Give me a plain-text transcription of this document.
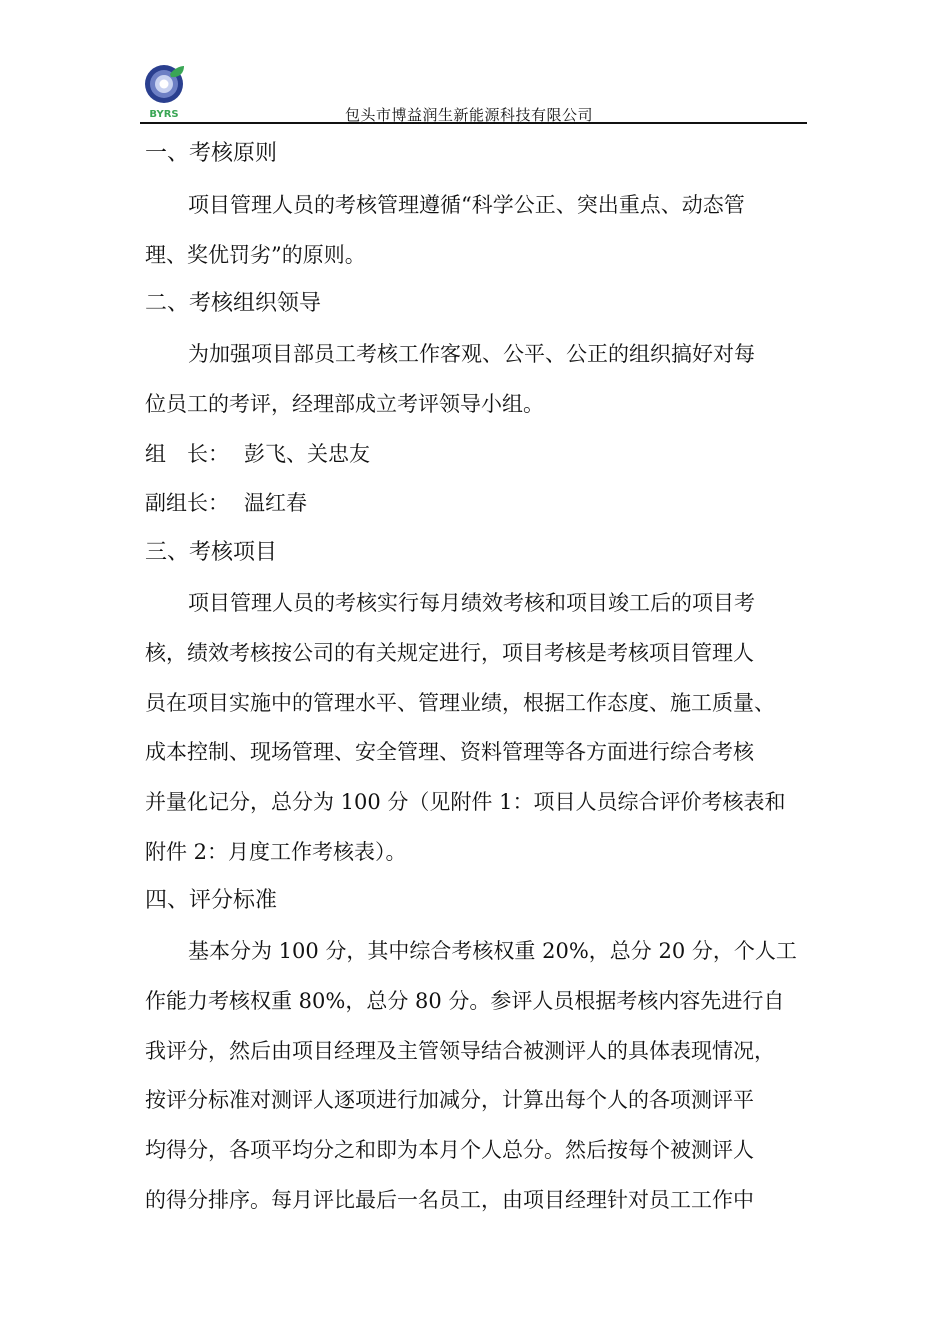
BYRS	包头市博益润生新能源科技有限公司
一、考核原则
项目管理人员的考核管理遵循“科学公正、突出重点、动态管
理、奖优罚劣”的原则。
二、考核组织领导
为加强项目部员工考核工作客观、公平、公正的组织搞好对每
位员工的考评，经理部成立考评领导小组。
组　长： 彭飞、关忠友
副组长： 温红春
三、考核项目
项目管理人员的考核实行每月绩效考核和项目竣工后的项目考
核，绩效考核按公司的有关规定进行，项目考核是考核项目管理人
员在项目实施中的管理水平、管理业绩，根据工作态度、施工质量、
成本控制、现场管理、安全管理、资料管理等各方面进行综合考核
并量化记分，总分为 100 分（见附件 1：项目人员综合评价考核表和
附件 2：月度工作考核表）。
四、评分标准
基本分为 100 分，其中综合考核权重 20%，总分 20 分，个人工
作能力考核权重 80%，总分 80 分。参评人员根据考核内容先进行自
我评分，然后由项目经理及主管领导结合被测评人的具体表现情况，
按评分标准对测评人逐项进行加减分，计算出每个人的各项测评平
均得分，各项平均分之和即为本月个人总分。然后按每个被测评人
的得分排序。每月评比最后一名员工，由项目经理针对员工工作中
